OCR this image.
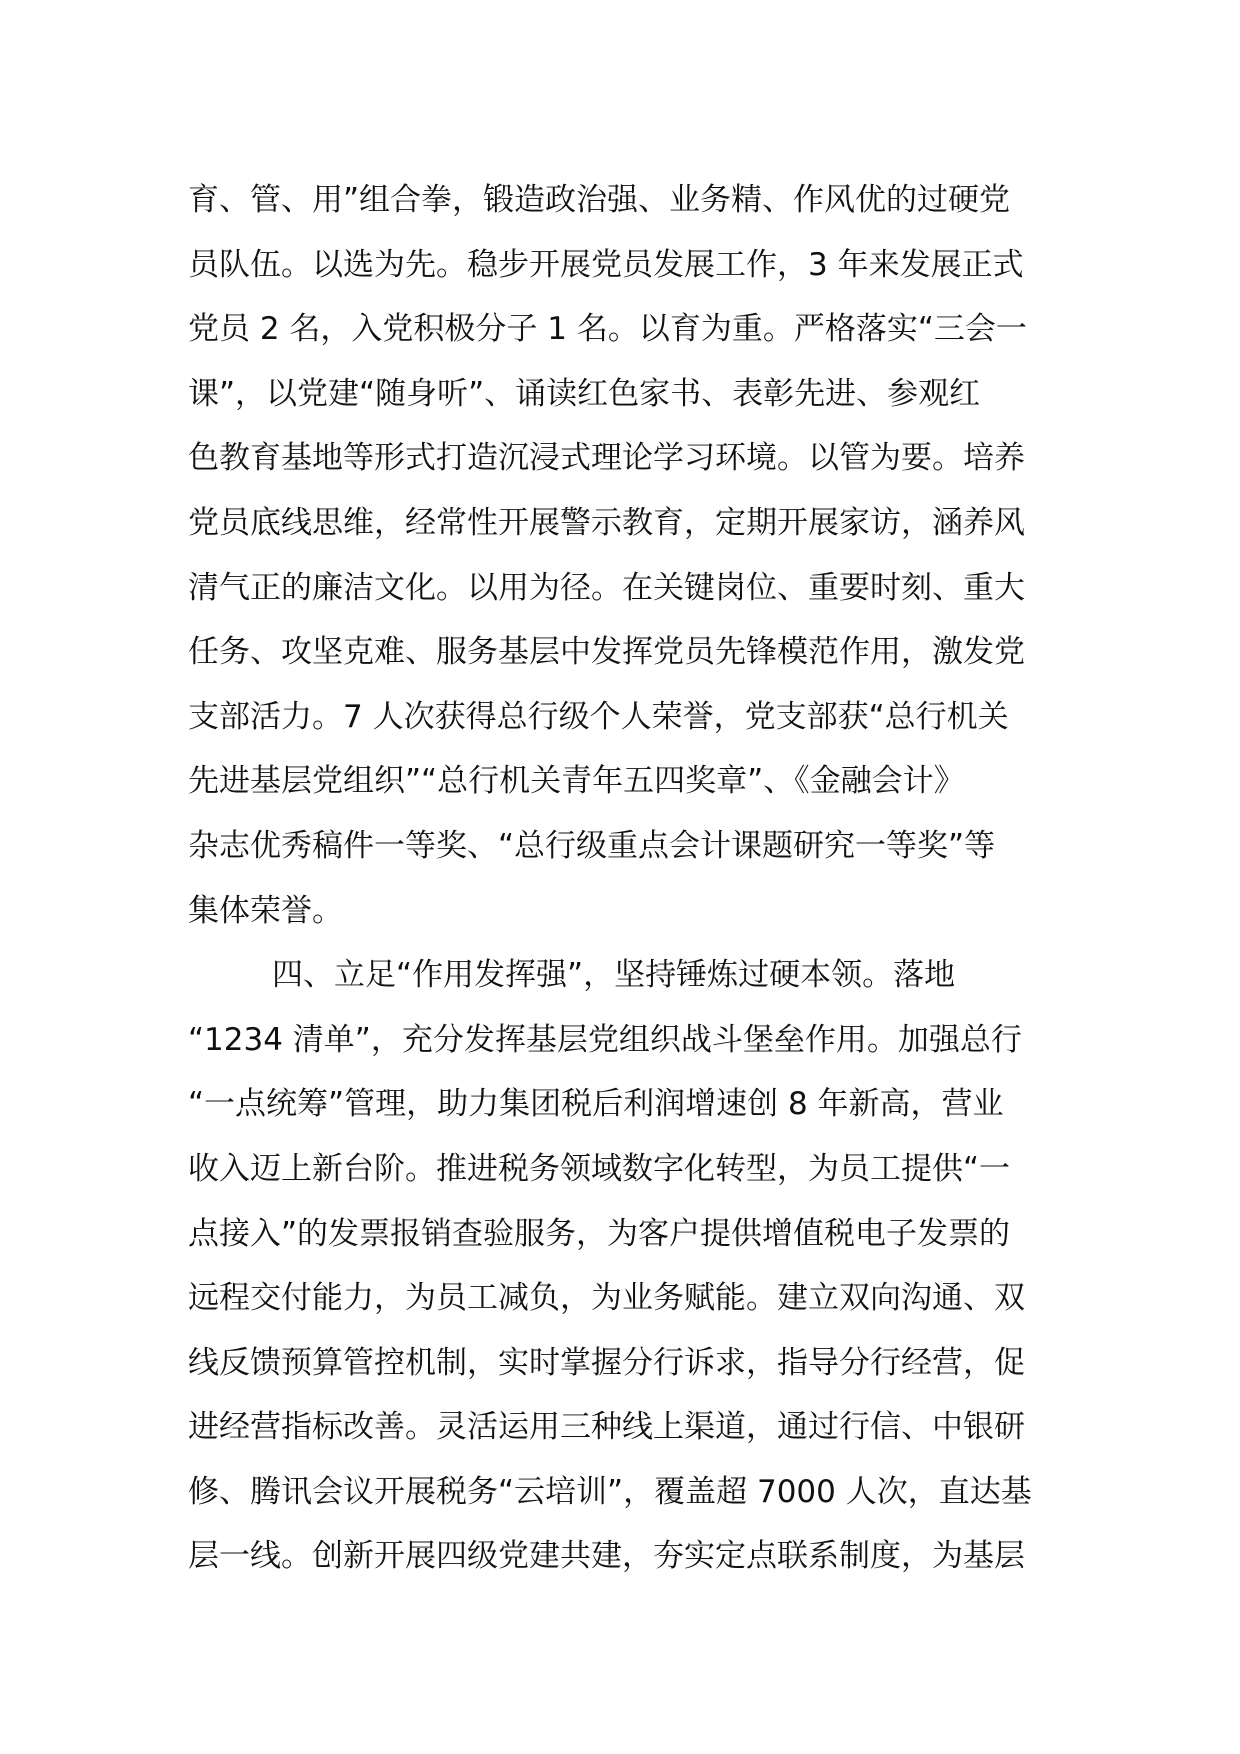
育、管、用”组合拳，锻造政治强、业务精、作风优的过硬党
员队伍。以选为先。稳步开展党员发展工作，3 年来发展正式
党员 2 名，入党积极分子 1 名。以育为重。严格落实“三会一
课”，以党建“随身听”、诵读红色家书、表彰先进、参观红
色教育基地等形式打造沉浸式理论学习环境。以管为要。培养
党员底线思维，经常性开展警示教育，定期开展家访，涵养风
清气正的廉洁文化。以用为径。在关键岗位、重要时刻、重大
任务、攻坚克难、服务基层中发挥党员先锋模范作用，激发党
支部活力。7 人次获得总行级个人荣誉，党支部获“总行机关
先进基层党组织”“总行机关青年五四奖章”、《金融会计》
杂志优秀稿件一等奖、“总行级重点会计课题研究一等奖”等
集体荣誉。
四、立足“作用发挥强”，坚持锤炼过硬本领。落地
“1234 清单”，充分发挥基层党组织战斗堡垒作用。加强总行
“一点统筹”管理，助力集团税后利润增速创 8 年新高，营业
收入迈上新台阶。推进税务领域数字化转型，为员工提供“一
点接入”的发票报销查验服务，为客户提供增值税电子发票的
远程交付能力，为员工减负，为业务赋能。建立双向沟通、双
线反馈预算管控机制，实时掌握分行诉求，指导分行经营，促
进经营指标改善。灵活运用三种线上渠道，通过行信、中银研
修、腾讯会议开展税务“云培训”，覆盖超 7000 人次，直达基
层一线。创新开展四级党建共建，夯实定点联系制度，为基层
